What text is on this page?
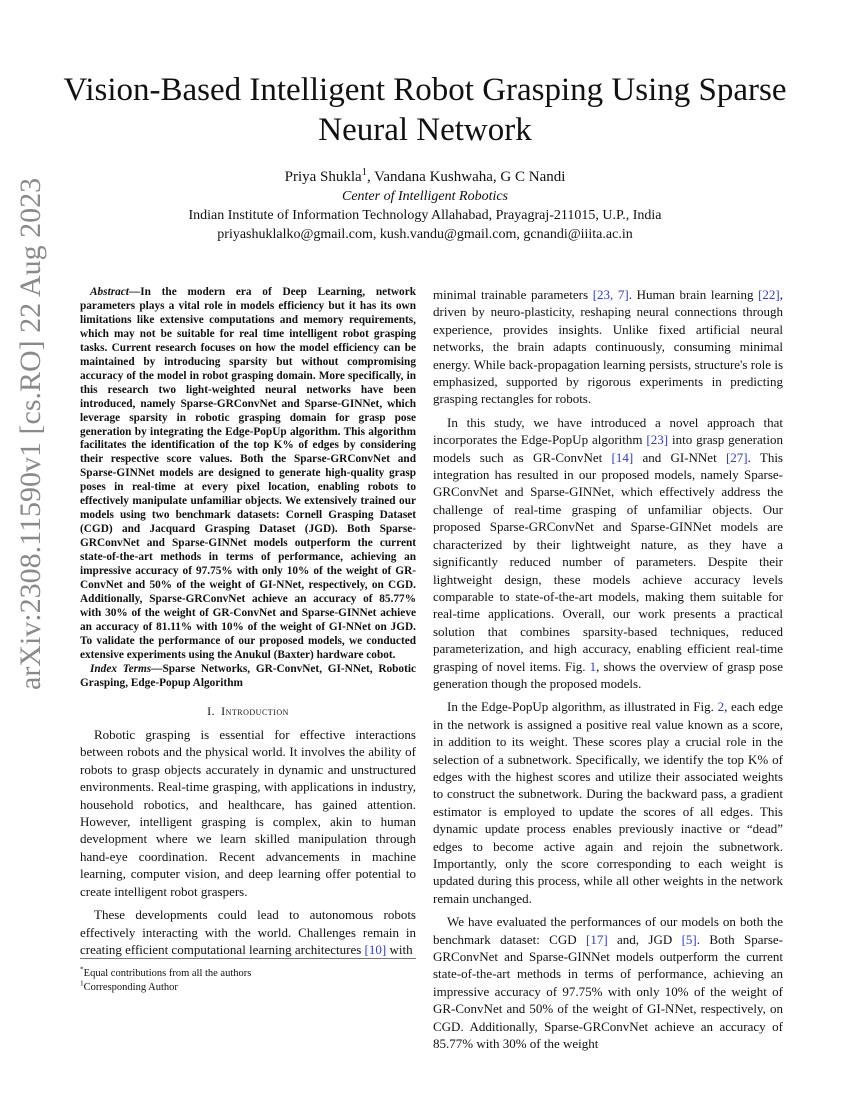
arXiv:2308.11590v1 [cs.RO] 22 Aug 2023
Vision-Based Intelligent Robot Grasping Using Sparse Neural Network
Priya Shukla$^1$, Vandana Kushwaha, G C Nandi
Center of Intelligent Robotics
Indian Institute of Information Technology Allahabad, Prayagraj-211015, U.P., India
priyashuklalko@gmail.com, kush.vandu@gmail.com, gcnandi@iiita.ac.in

Abstract—In the modern era of Deep Learning, network parameters plays a vital role in models efficiency but it has its own limitations like extensive computations and memory requirements, which may not be suitable for real time intelligent robot grasping tasks. Current research focuses on how the model efficiency can be maintained by introducing sparsity but without compromising accuracy of the model in robot grasping domain. More specifically, in this research two light-weighted neural networks have been introduced, namely Sparse-GRConvNet and Sparse-GINNet, which leverage sparsity in robotic grasping domain for grasp pose generation by integrating the Edge-PopUp algorithm. This algorithm facilitates the identification of the top K% of edges by considering their respective score values. Both the Sparse-GRConvNet and Sparse-GINNet models are designed to generate high-quality grasp poses in real-time at every pixel location, enabling robots to effectively manipulate unfamiliar objects. We extensively trained our models using two benchmark datasets: Cornell Grasping Dataset (CGD) and Jacquard Grasping Dataset (JGD). Both Sparse-GRConvNet and Sparse-GINNet models outperform the current state-of-the-art methods in terms of performance, achieving an impressive accuracy of 97.75% with only 10% of the weight of GR-ConvNet and 50% of the weight of GI-NNet, respectively, on CGD. Additionally, Sparse-GRConvNet achieve an accuracy of 85.77% with 30% of the weight of GR-ConvNet and Sparse-GINNet achieve an accuracy of 81.11% with 10% of the weight of GI-NNet on JGD. To validate the performance of our proposed models, we conducted extensive experiments using the Anukul (Baxter) hardware cobot.

Index Terms—Sparse Networks, GR-ConvNet, GI-NNet, Robotic Grasping, Edge-Popup Algorithm

I. Introduction

Robotic grasping is essential for effective interactions between robots and the physical world. It involves the ability of robots to grasp objects accurately in dynamic and unstructured environments. Real-time grasping, with applications in industry, household robotics, and healthcare, has gained attention. However, intelligent grasping is complex, akin to human development where we learn skilled manipulation through hand-eye coordination. Recent advancements in machine learning, computer vision, and deep learning offer potential to create intelligent robot graspers.

These developments could lead to autonomous robots effectively interacting with the world. Challenges remain in creating efficient computational learning architectures [10] with

minimal trainable parameters [23, 7]. Human brain learning [22], driven by neuro-plasticity, reshaping neural connections through experience, provides insights. Unlike fixed artificial neural networks, the brain adapts continuously, consuming minimal energy. While back-propagation learning persists, structure's role is emphasized, supported by rigorous experiments in predicting grasping rectangles for robots.

In this study, we have introduced a novel approach that incorporates the Edge-PopUp algorithm [23] into grasp generation models such as GR-ConvNet [14] and GI-NNet [27]. This integration has resulted in our proposed models, namely Sparse-GRConvNet and Sparse-GINNet, which effectively address the challenge of real-time grasping of unfamiliar objects. Our proposed Sparse-GRConvNet and Sparse-GINNet models are characterized by their lightweight nature, as they have a significantly reduced number of parameters. Despite their lightweight design, these models achieve accuracy levels comparable to state-of-the-art models, making them suitable for real-time applications. Overall, our work presents a practical solution that combines sparsity-based techniques, reduced parameterization, and high accuracy, enabling efficient real-time grasping of novel items. Fig. 1, shows the overview of grasp pose generation though the proposed models.

In the Edge-PopUp algorithm, as illustrated in Fig. 2, each edge in the network is assigned a positive real value known as a score, in addition to its weight. These scores play a crucial role in the selection of a subnetwork. Specifically, we identify the top K% of edges with the highest scores and utilize their associated weights to construct the subnetwork. During the backward pass, a gradient estimator is employed to update the scores of all edges. This dynamic update process enables previously inactive or “dead” edges to become active again and rejoin the subnetwork. Importantly, only the score corresponding to each weight is updated during this process, while all other weights in the network remain unchanged.

We have evaluated the performances of our models on both the benchmark dataset: CGD [17] and, JGD [5]. Both Sparse-GRConvNet and Sparse-GINNet models outperform the current state-of-the-art methods in terms of performance, achieving an impressive accuracy of 97.75% with only 10% of the weight of GR-ConvNet and 50% of the weight of GI-NNet, respectively, on CGD. Additionally, Sparse-GRConvNet achieve an accuracy of 85.77% with 30% of the weight

*Equal contributions from all the authors

$^1$Corresponding Author
